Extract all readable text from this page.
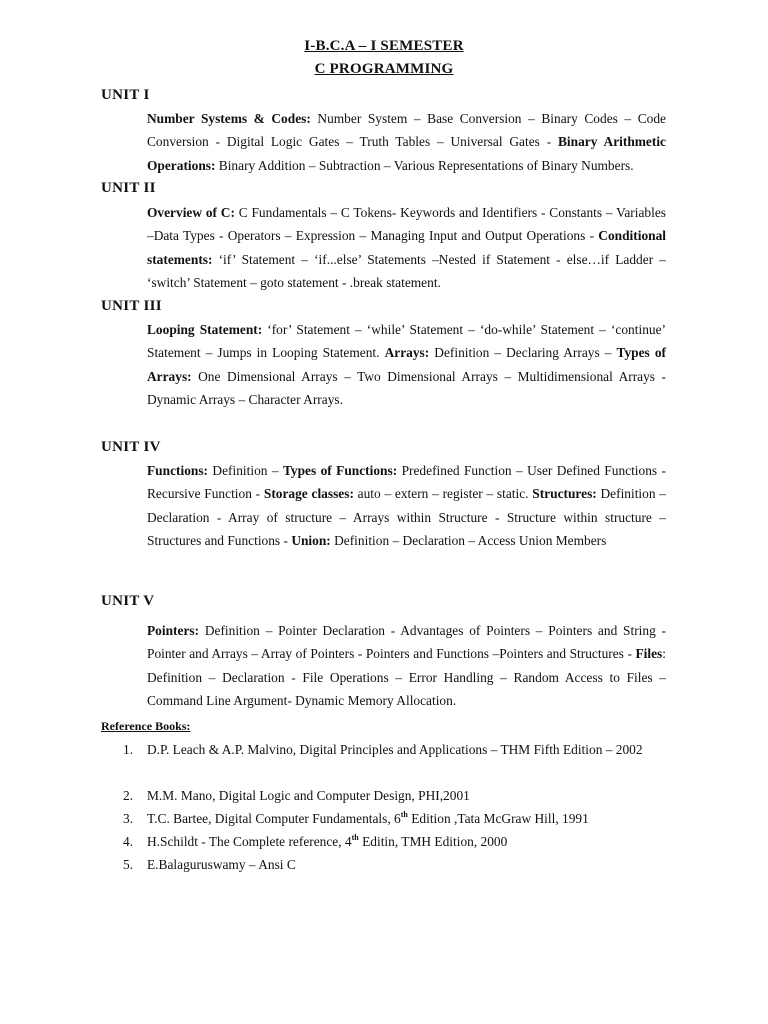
I-B.C.A – I SEMESTER
C PROGRAMMING
UNIT I
Number Systems & Codes: Number System – Base Conversion – Binary Codes – Code Conversion - Digital Logic Gates – Truth Tables – Universal Gates - Binary Arithmetic Operations: Binary Addition – Subtraction – Various Representations of Binary Numbers.
UNIT II
Overview of C: C Fundamentals – C Tokens- Keywords and Identifiers - Constants – Variables –Data Types - Operators – Expression – Managing Input and Output Operations - Conditional statements: ‘if’ Statement – ‘if...else’ Statements –Nested if Statement - else…if Ladder – ‘switch’ Statement – goto statement - .break statement.
UNIT III
Looping Statement: ‘for’ Statement – ‘while’ Statement – ‘do-while’ Statement – ‘continue’ Statement – Jumps in Looping Statement. Arrays: Definition – Declaring Arrays – Types of Arrays: One Dimensional Arrays – Two Dimensional Arrays – Multidimensional Arrays - Dynamic Arrays – Character Arrays.
UNIT IV
Functions: Definition – Types of Functions: Predefined Function – User Defined Functions - Recursive Function - Storage classes: auto – extern – register – static. Structures: Definition – Declaration - Array of structure – Arrays within Structure - Structure within structure – Structures and Functions - Union: Definition – Declaration – Access Union Members
UNIT V
Pointers: Definition – Pointer Declaration - Advantages of Pointers – Pointers and String - Pointer and Arrays – Array of Pointers - Pointers and Functions –Pointers and Structures - Files: Definition – Declaration - File Operations – Error Handling – Random Access to Files – Command Line Argument- Dynamic Memory Allocation.
Reference Books:
1. D.P. Leach & A.P. Malvino, Digital Principles and Applications – THM Fifth Edition – 2002
2. M.M. Mano, Digital Logic and Computer Design, PHI,2001
3. T.C. Bartee, Digital Computer Fundamentals, 6th Edition ,Tata McGraw Hill, 1991
4. H.Schildt - The Complete reference, 4th Editin, TMH Edition, 2000
5. E.Balaguruswamy – Ansi C
